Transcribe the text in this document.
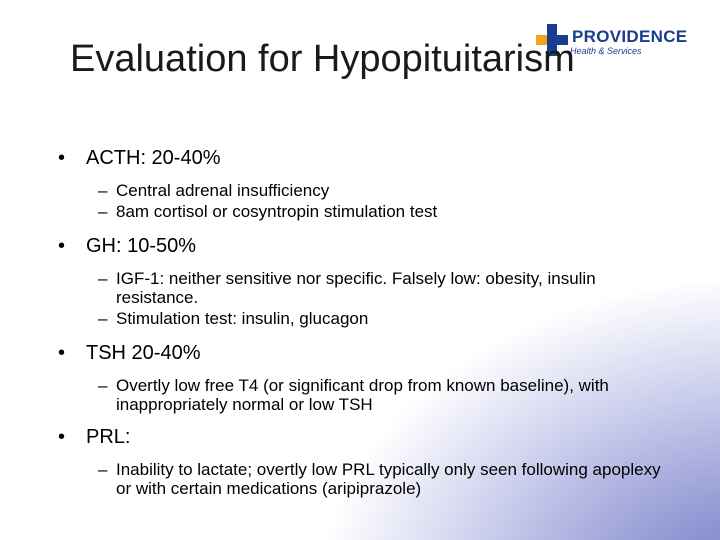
PROVIDENCE
Health & Services
Evaluation for Hypopituitarism
• ACTH: 20-40%
– Central adrenal insufficiency
– 8am cortisol or cosyntropin stimulation test
• GH: 10-50%
– IGF-1: neither sensitive nor specific. Falsely low: obesity, insulin resistance.
– Stimulation test: insulin, glucagon
• TSH 20-40%
– Overtly low free T4 (or significant drop from known baseline), with inappropriately normal or low TSH
• PRL:
– Inability to lactate; overtly low PRL typically only seen following apoplexy or with certain medications (aripiprazole)
